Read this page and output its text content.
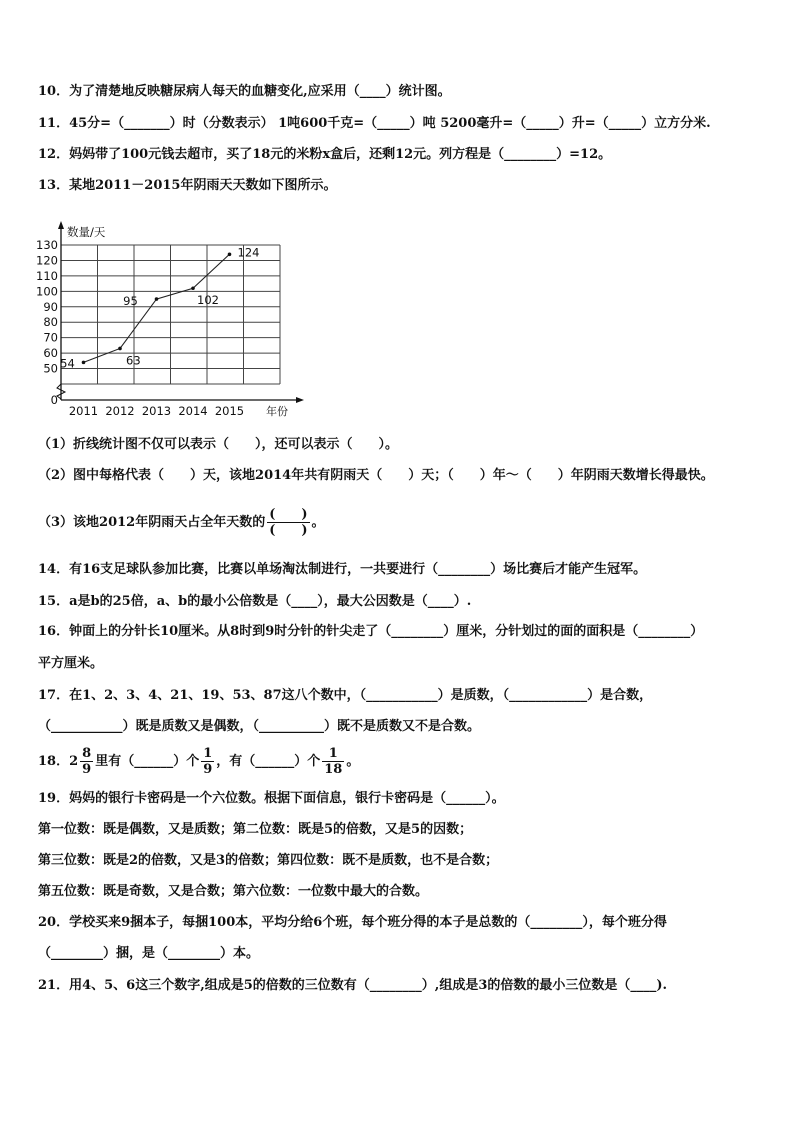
10．为了清楚地反映糖尿病人每天的血糖变化,应采用（____）统计图。
11．45分=（_______）时（分数表示） 1吨600千克=（_____）吨 5200毫升=（_____）升=（_____）立方分米.
12．妈妈带了100元钱去超市，买了18元的米粉x盒后，还剩12元。列方程是（________）=12。
13．某地2011－2015年阴雨天天数如下图所示。
0
50
60
70
80
90
100
110
120
130
数量/天
年份
2011 2012 2013 2014 2015
54	63
95	102
124
（1）折线统计图不仅可以表示（　　），还可以表示（　　）。
（2）图中每格代表（　　）天，该地2014年共有阴雨天（　　）天；（　　）年～（　　）年阴雨天数增长得最快。
（3）该地2012年阴雨天占全年天数的 $\frac{( )}{( )}$ 。
14．有16支足球队参加比赛，比赛以单场淘汰制进行，一共要进行（________）场比赛后才能产生冠军。
15．a是b的25倍，a、b的最小公倍数是（____），最大公因数是（____）.
16．钟面上的分针长10厘米。从8时到9时分针的针尖走了（________）厘米，分针划过的面的面积是（________）
平方厘米。
17．在1、2、3、4、21、19、53、87这八个数中，（___________）是质数，（____________）是合数，
（___________）既是质数又是偶数，（__________）既不是质数又不是合数。
18．$2 \frac{8}{9}$ 里有（______）个 $\frac{1}{9}$ ，有（______）个 $\frac{1}{18}$ 。
19．妈妈的银行卡密码是一个六位数。根据下面信息，银行卡密码是（______）。
第一位数：既是偶数，又是质数；第二位数：既是5的倍数，又是5的因数；
第三位数：既是2的倍数，又是3的倍数；第四位数：既不是质数，也不是合数；
第五位数：既是奇数，又是合数；第六位数：一位数中最大的合数。
20．学校买来9捆本子，每捆100本，平均分给6个班，每个班分得的本子是总数的（________），每个班分得
（________）捆，是（________）本。
21．用4、5、6这三个数字,组成是5的倍数的三位数有（________）,组成是3的倍数的最小三位数是（____).
